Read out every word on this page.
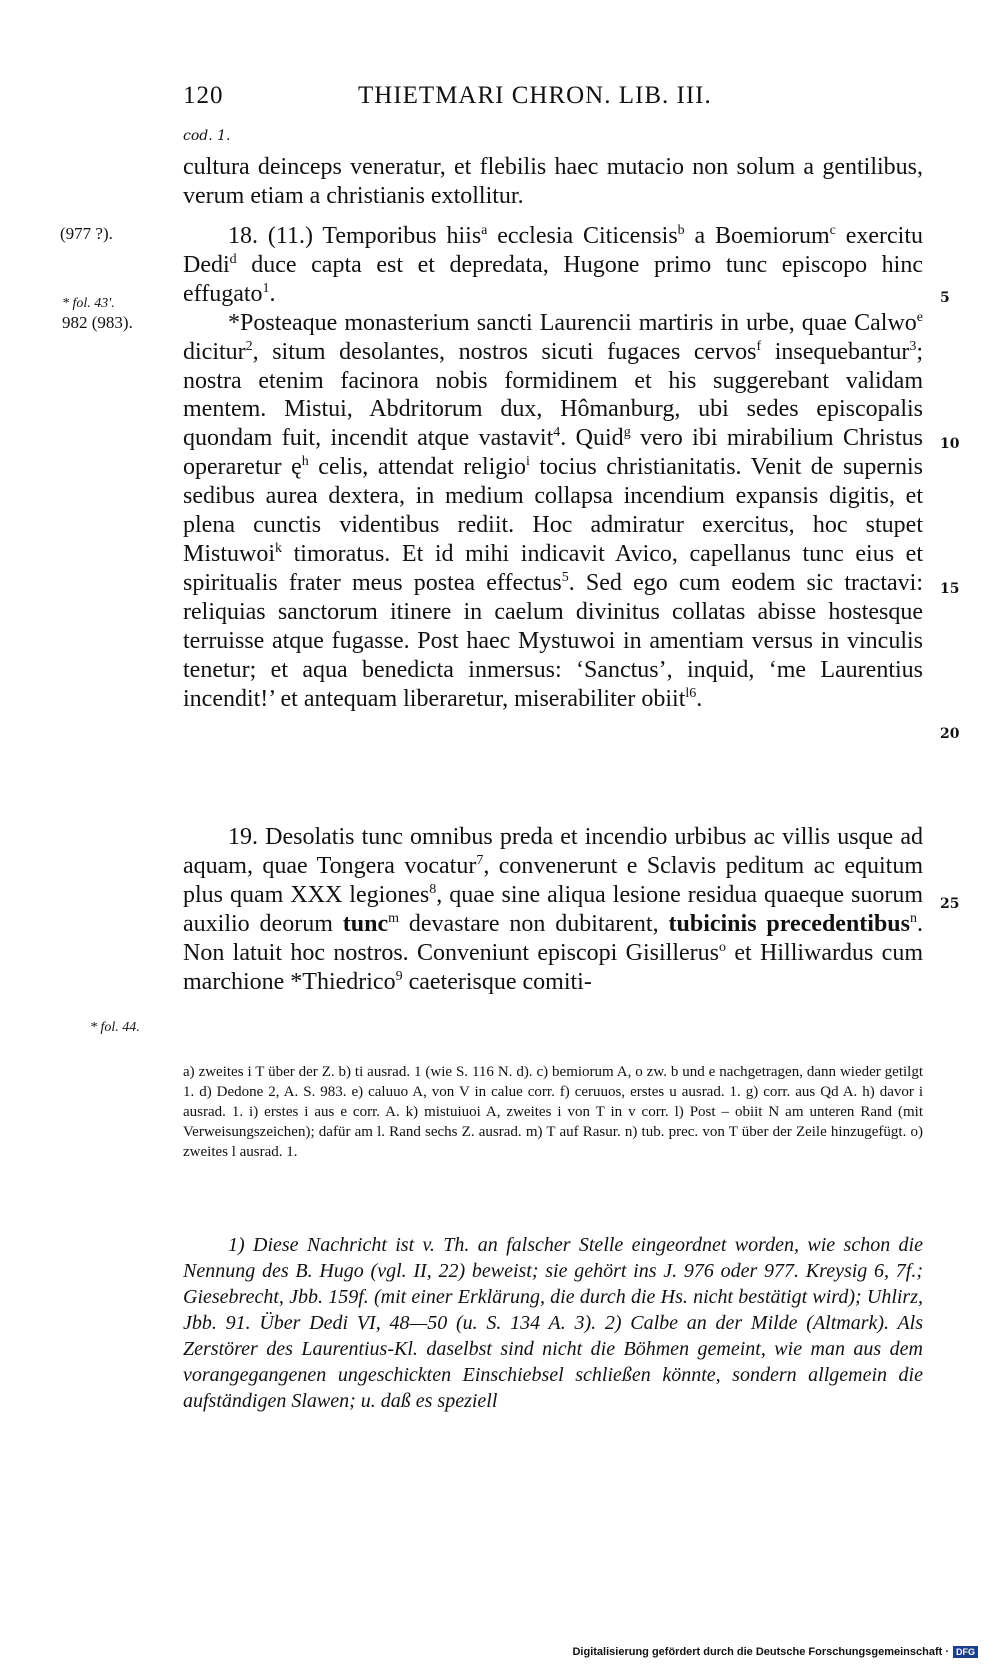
120	THIETMARI CHRON. LIB. III.
cod. 1.

cultura deinceps veneratur, et flebilis haec mutacio non solum a gentilibus, verum etiam a christianis extollitur.

(977 ?).
* fol. 43'.
982 (983).

18. (11.) Temporibus hiis$^a$ ecclesia Citicensis$^b$ a Boemiorum$^c$ exercitu Dedi$^d$ duce capta est et depredata, Hugone primo tunc episcopo hinc effugato$^1$.

*Posteaque monasterium sancti Laurencii martiris in urbe, quae Calwo$^e$ dicitur$^2$, situm desolantes, nostros sicuti fugaces cervos$^f$ insequebantur$^3$; nostra etenim facinora nobis formidinem et his suggerebant validam mentem. Mistui, Abdritorum dux, Hômanburg, ubi sedes episcopalis quondam fuit, incendit atque vastavit$^4$. Quid$^g$ vero ibi mirabilium Christus operaretur $ę^h$ celis, attendat religio$^i$ tocius christianitatis. Venit de supernis sedibus aurea dextera, in medium collapsa incendium expansis digitis, et plena cunctis videntibus rediit. Hoc admiratur exercitus, hoc stupet Mistuwoi$^k$ timoratus. Et id mihi indicavit Avico, capellanus tunc eius et spiritualis frater meus postea effectus$^5$. Sed ego cum eodem sic tractavi: reliquias sanctorum itinere in caelum divinitus collatas abisse hostesque terruisse atque fugasse. Post haec Mystuwoi in amentiam versus in vinculis tenetur; et aqua benedicta inmersus: ‘Sanctus’, inquid, ‘me Laurentius incendit!’ et antequam liberaretur, miserabiliter obiit$^{l6}$.

5
10
15
20
25

19. Desolatis tunc omnibus preda et incendio urbibus ac villis usque ad aquam, quae Tongera vocatur$^7$, convenerunt e Sclavis peditum ac equitum plus quam XXX legiones$^8$, quae sine aliqua lesione residua quaeque suorum auxilio deorum tunc$^m$ devastare non dubitarent, tubicinis precedentibus$^n$. Non latuit hoc nostros. Conveniunt episcopi Gisillerus$^o$ et Hilliwardus cum marchione *Thiedrico$^9$ caeterisque comiti-

* fol. 44.
a) zweites i T über der Z. b) ti ausrad. 1 (wie S. 116 N. d). c) bemiorum A, o zw. b und e nachgetragen, dann wieder getilgt 1. d) Dedone 2, A. S. 983. e) caluuo A, von V in calue corr. f) ceruuos, erstes u ausrad. 1. g) corr. aus Qd A. h) davor i ausrad. 1. i) erstes i aus e corr. A. k) mistuiuoi A, zweites i von T in v corr. l) Post – obiit N am unteren Rand (mit Verweisungszeichen); dafür am l. Rand sechs Z. ausrad. m) T auf Rasur. n) tub. prec. von T über der Zeile hinzugefügt. o) zweites l ausrad. 1.

1) Diese Nachricht ist v. Th. an falscher Stelle eingeordnet worden, wie schon die Nennung des B. Hugo (vgl. II, 22) beweist; sie gehört ins J. 976 oder 977. Kreysig 6, 7f.; Giesebrecht, Jbb. 159f. (mit einer Erklärung, die durch die Hs. nicht bestätigt wird); Uhlirz, Jbb. 91. Über Dedi VI, 48—50 (u. S. 134 A. 3). 2) Calbe an der Milde (Altmark). Als Zerstörer des Laurentius-Kl. daselbst sind nicht die Böhmen gemeint, wie man aus dem vorangegangenen ungeschickten Einschiebsel schließen könnte, sondern allgemein die aufständigen Slawen; u. daß es speziell

Digitalisierung gefördert durch die Deutsche Forschungsgemeinschaft · DFG
